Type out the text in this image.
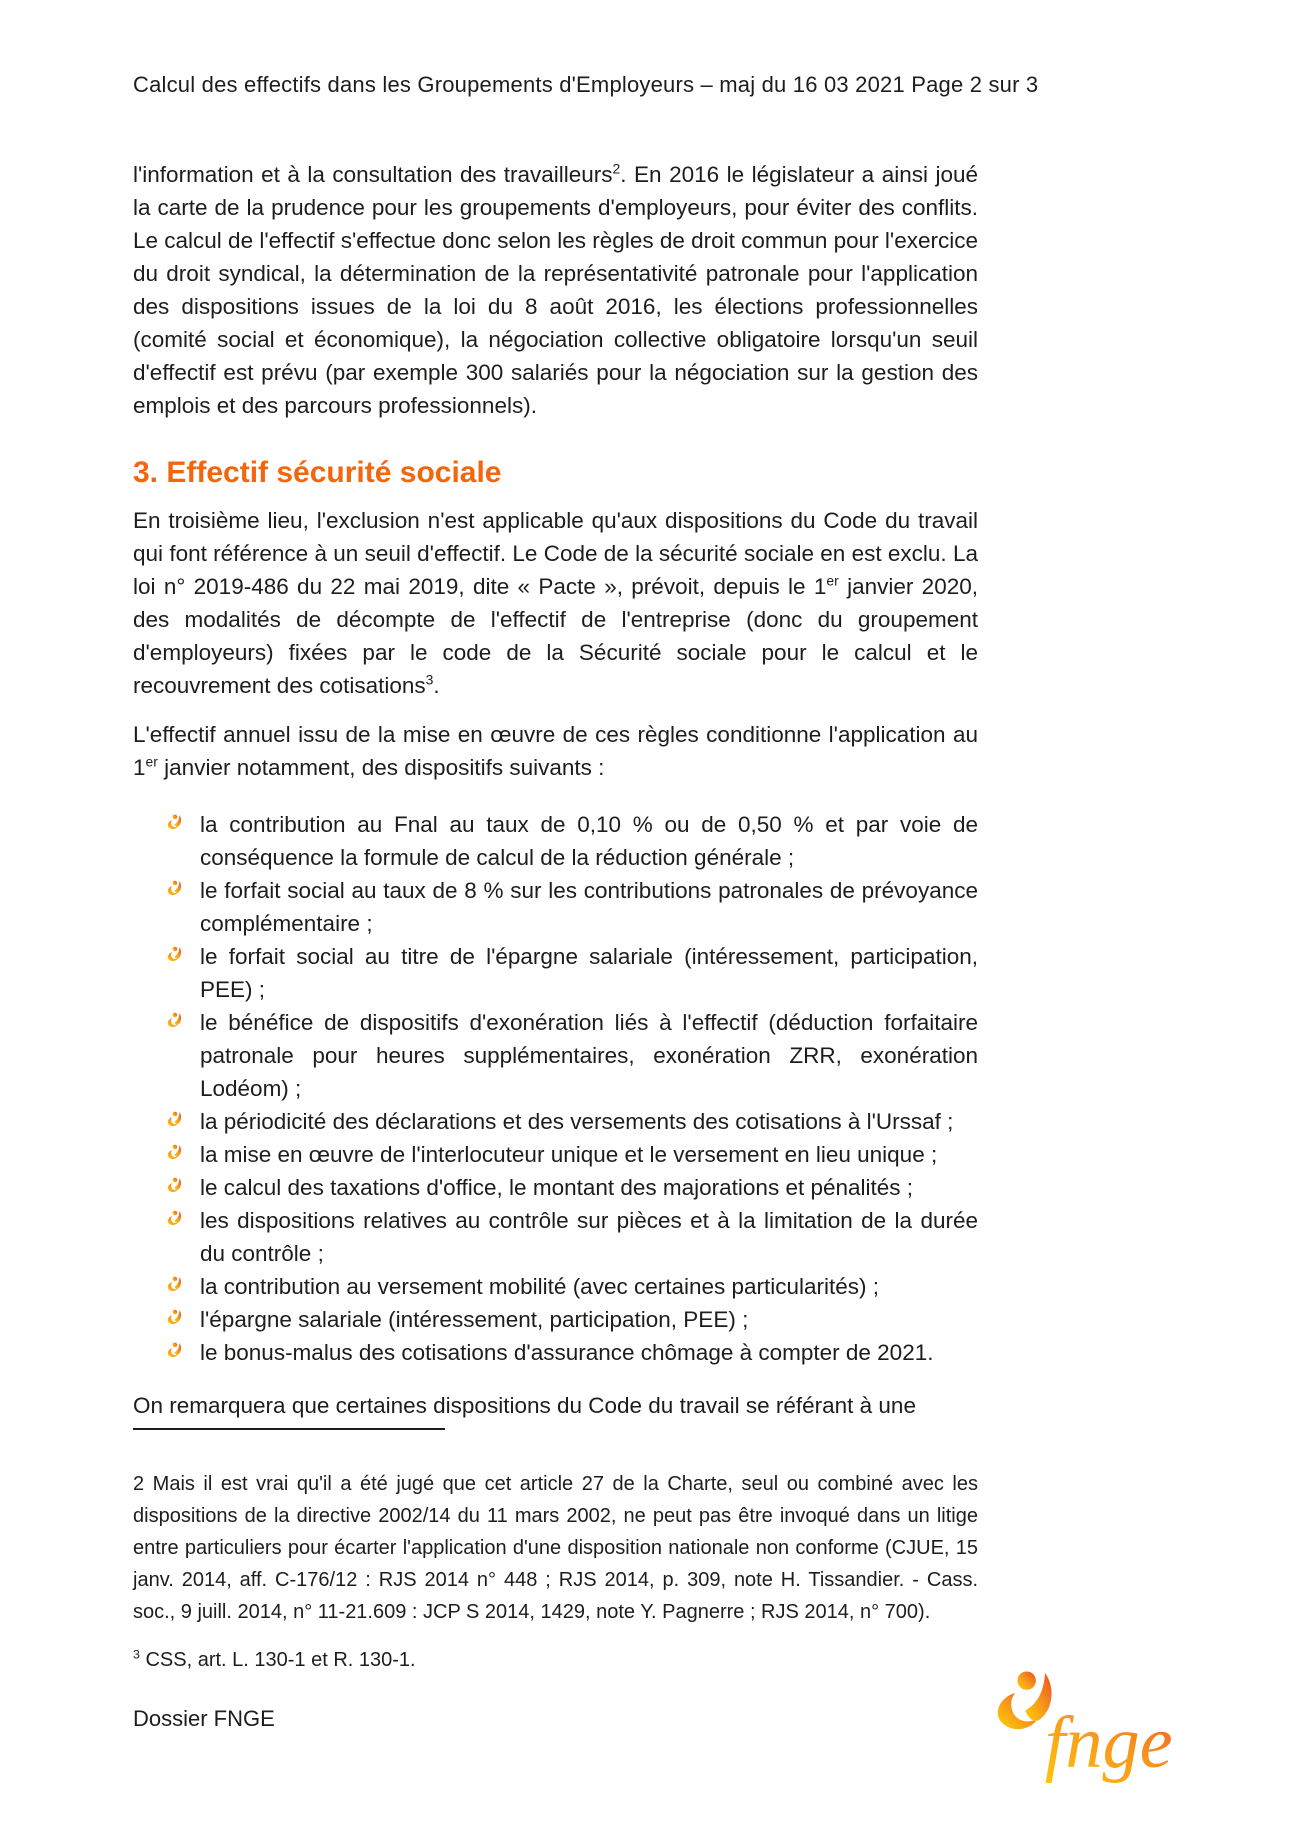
Calcul des effectifs dans les Groupements d'Employeurs – maj du 16 03 2021 Page 2 sur 3

l'information et à la consultation des travailleurs$^2$. En 2016 le législateur a ainsi joué la carte de la prudence pour les groupements d'employeurs, pour éviter des conflits. Le calcul de l'effectif s'effectue donc selon les règles de droit commun pour l'exercice du droit syndical, la détermination de la représentativité patronale pour l'application des dispositions issues de la loi du 8 août 2016, les élections professionnelles (comité social et économique), la négociation collective obligatoire lorsqu'un seuil d'effectif est prévu (par exemple 300 salariés pour la négociation sur la gestion des emplois et des parcours professionnels).

3. Effectif sécurité sociale

En troisième lieu, l'exclusion n'est applicable qu'aux dispositions du Code du travail qui font référence à un seuil d'effectif. Le Code de la sécurité sociale en est exclu. La loi n° 2019-486 du 22 mai 2019, dite « Pacte », prévoit, depuis le 1er janvier 2020, des modalités de décompte de l'effectif de l'entreprise (donc du groupement d'employeurs) fixées par le code de la Sécurité sociale pour le calcul et le recouvrement des cotisations$^3$.

L'effectif annuel issu de la mise en œuvre de ces règles conditionne l'application au 1er janvier notamment, des dispositifs suivants :

la contribution au Fnal au taux de 0,10 % ou de 0,50 % et par voie de conséquence la formule de calcul de la réduction générale ;
le forfait social au taux de 8 % sur les contributions patronales de prévoyance complémentaire ;
le forfait social au titre de l'épargne salariale (intéressement, participation, PEE) ;
le bénéfice de dispositifs d'exonération liés à l'effectif (déduction forfaitaire patronale pour heures supplémentaires, exonération ZRR, exonération Lodéom) ;
la périodicité des déclarations et des versements des cotisations à l'Urssaf ;
la mise en œuvre de l'interlocuteur unique et le versement en lieu unique ;
le calcul des taxations d'office, le montant des majorations et pénalités ;
les dispositions relatives au contrôle sur pièces et à la limitation de la durée du contrôle ;
la contribution au versement mobilité (avec certaines particularités) ;
l'épargne salariale (intéressement, participation, PEE) ;
le bonus-malus des cotisations d'assurance chômage à compter de 2021.

On remarquera que certaines dispositions du Code du travail se référant à une

2 Mais il est vrai qu'il a été jugé que cet article 27 de la Charte, seul ou combiné avec les dispositions de la directive 2002/14 du 11 mars 2002, ne peut pas être invoqué dans un litige entre particuliers pour écarter l'application d'une disposition nationale non conforme (CJUE, 15 janv. 2014, aff. C-176/12 : RJS 2014 n° 448 ; RJS 2014, p. 309, note H. Tissandier. - Cass. soc., 9 juill. 2014, n° 11-21.609 : JCP S 2014, 1429, note Y. Pagnerre ; RJS 2014, n° 700).

$^3$ CSS, art. L. 130-1 et R. 130-1.

Dossier FNGE	fnge
